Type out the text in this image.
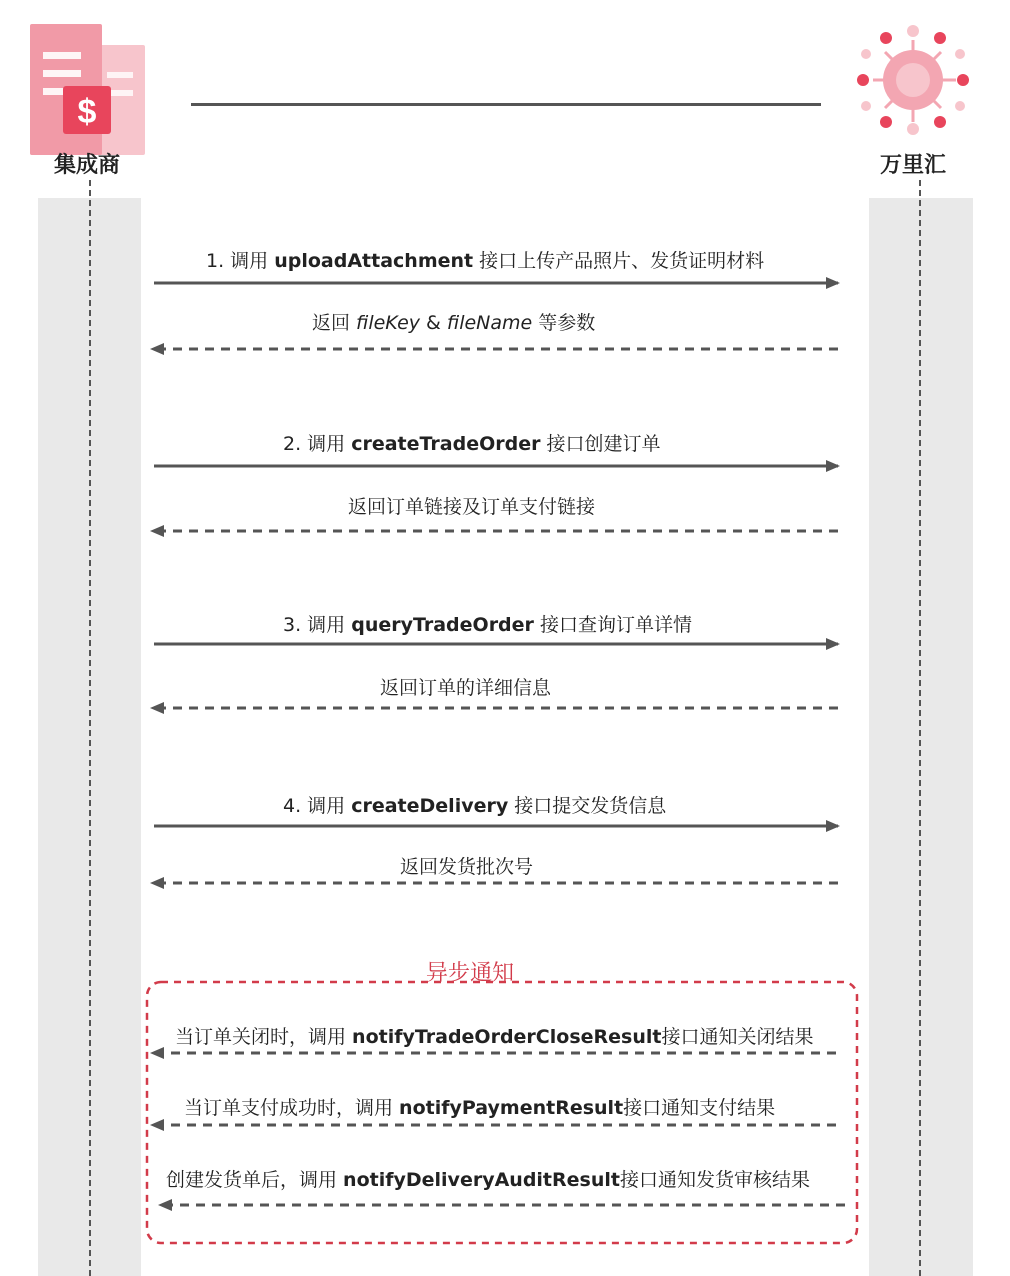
$
集成商	万里汇
1. 调用 uploadAttachment 接口上传产品照片、发货证明材料
返回 fileKey & fileName 等参数
2. 调用 createTradeOrder 接口创建订单
返回订单链接及订单支付链接
3. 调用 queryTradeOrder 接口查询订单详情
返回订单的详细信息
4. 调用 createDelivery 接口提交发货信息
返回发货批次号
异步通知
当订单关闭时，调用 notifyTradeOrderCloseResult接口通知关闭结果
当订单支付成功时，调用 notifyPaymentResult接口通知支付结果
创建发货单后，调用 notifyDeliveryAuditResult接口通知发货审核结果
